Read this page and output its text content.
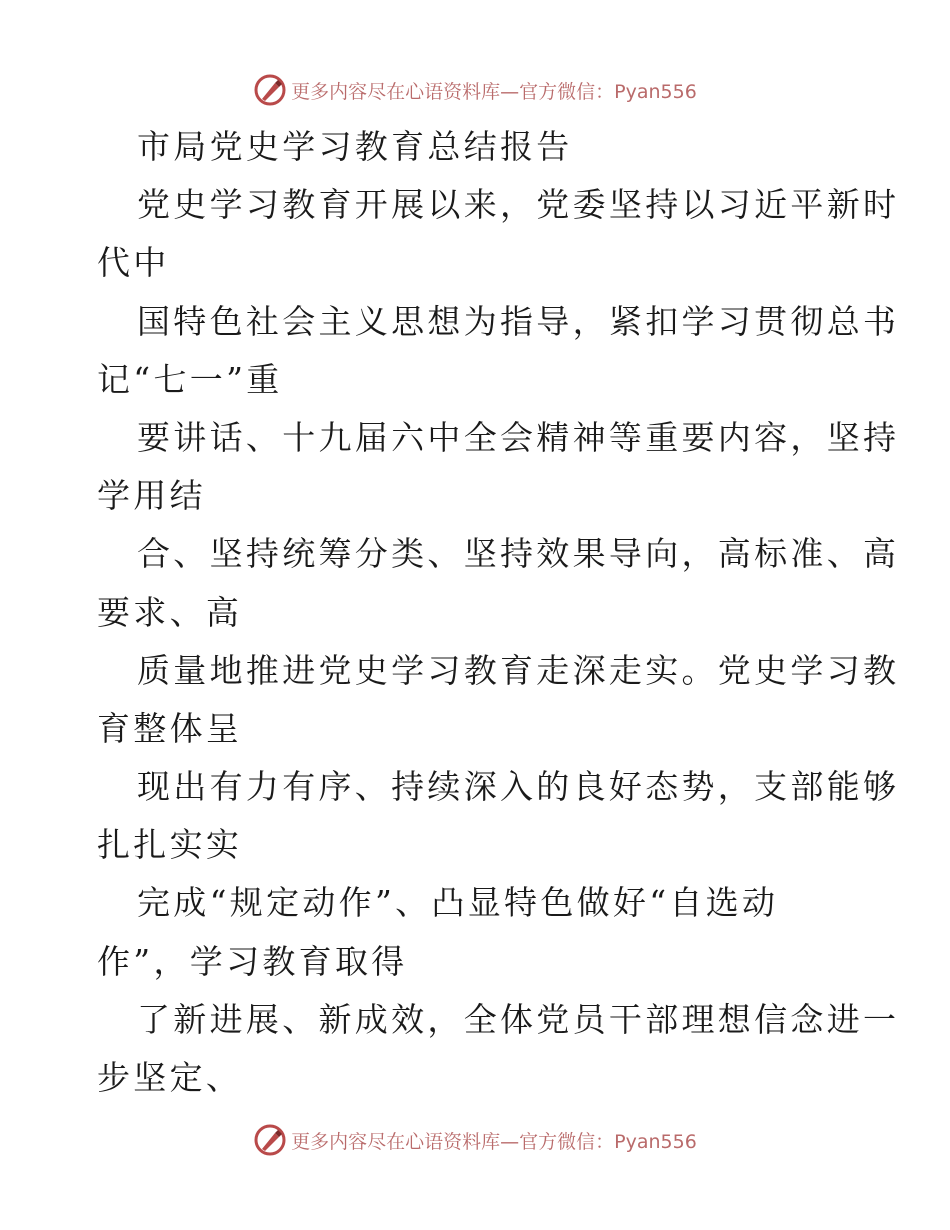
更多内容尽在心语资料库—官方微信：Pyan556
市局党史学习教育总结报告
党史学习教育开展以来，党委坚持以习近平新时
代中
国特色社会主义思想为指导，紧扣学习贯彻总书
记“七一”重
要讲话、十九届六中全会精神等重要内容，坚持
学用结
合、坚持统筹分类、坚持效果导向，高标准、高
要求、高
质量地推进党史学习教育走深走实。党史学习教
育整体呈
现出有力有序、持续深入的良好态势，支部能够
扎扎实实
完成“规定动作”、凸显特色做好“自选动
作”，学习教育取得
了新进展、新成效，全体党员干部理想信念进一
步坚定、
更多内容尽在心语资料库—官方微信：Pyan556
